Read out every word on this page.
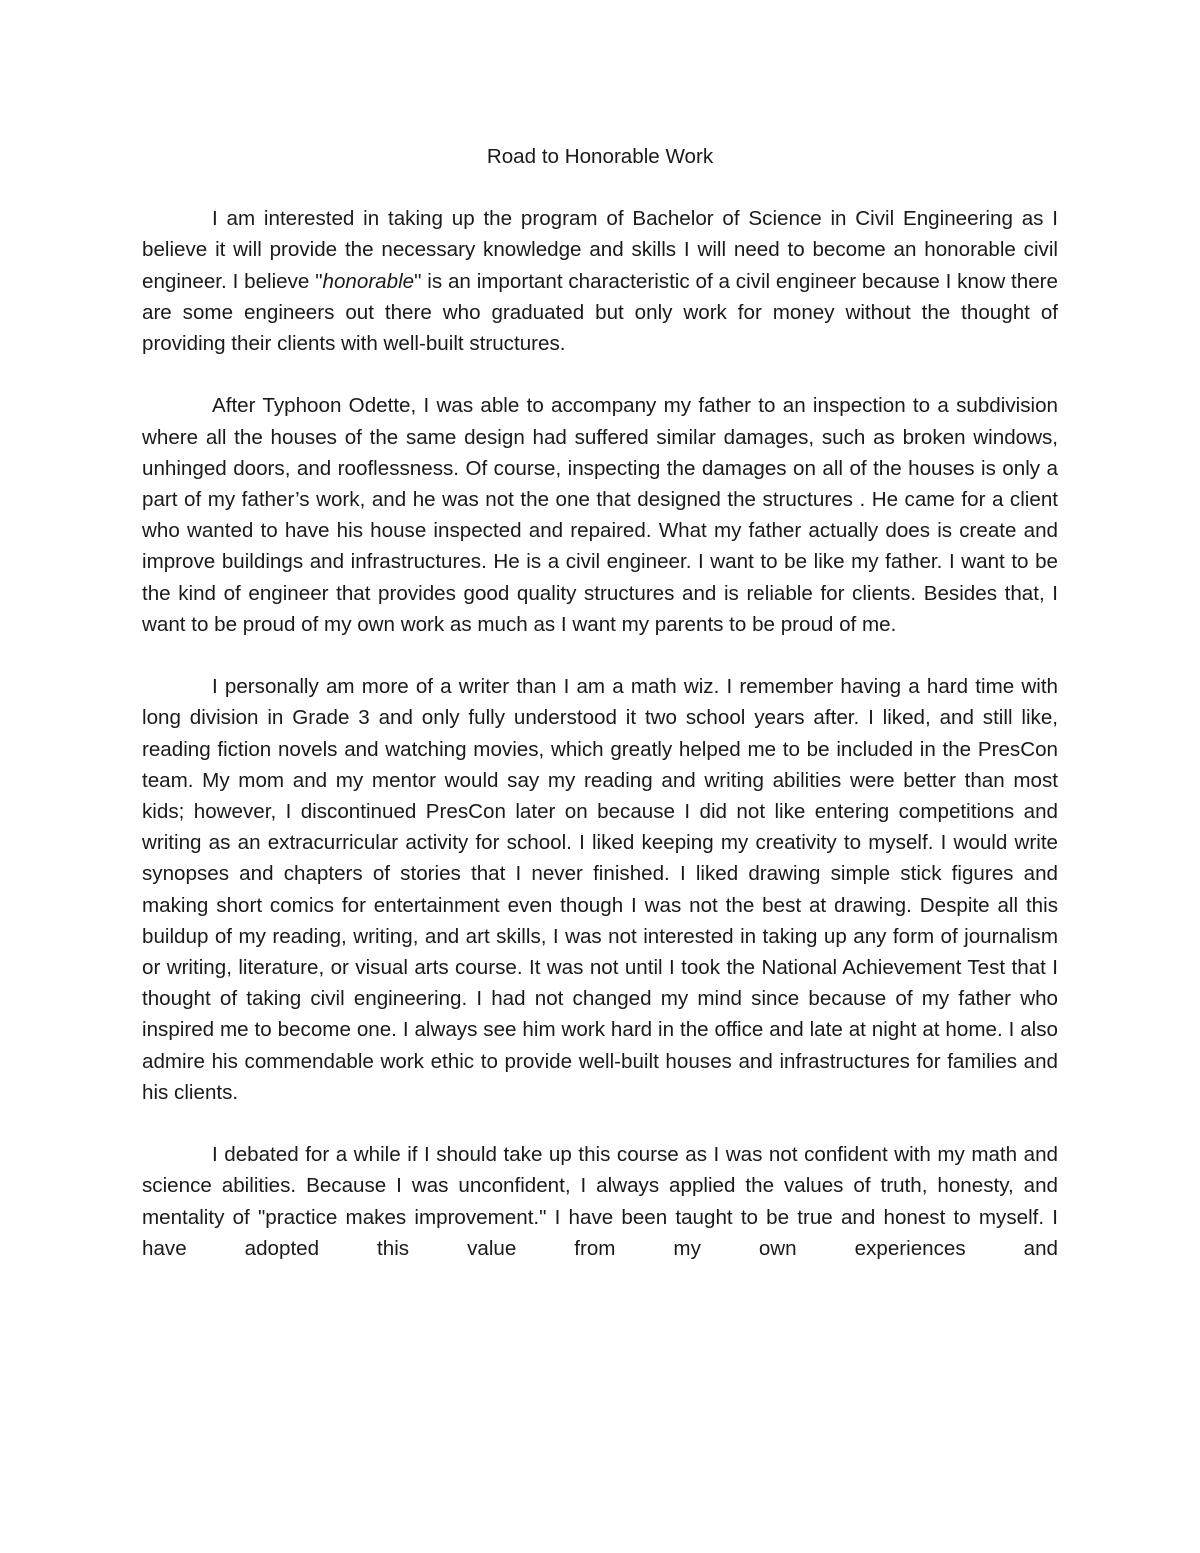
Road to Honorable Work

I am interested in taking up the program of Bachelor of Science in Civil Engineering as I believe it will provide the necessary knowledge and skills I will need to become an honorable civil engineer. I believe "honorable" is an important characteristic of a civil engineer because I know there are some engineers out there who graduated but only work for money without the thought of providing their clients with well-built structures.

After Typhoon Odette, I was able to accompany my father to an inspection to a subdivision where all the houses of the same design had suffered similar damages, such as broken windows, unhinged doors, and rooflessness. Of course, inspecting the damages on all of the houses is only a part of my father’s work, and he was not the one that designed the structures . He came for a client who wanted to have his house inspected and repaired. What my father actually does is create and improve buildings and infrastructures. He is a civil engineer. I want to be like my father. I want to be the kind of engineer that provides good quality structures and is reliable for clients. Besides that, I want to be proud of my own work as much as I want my parents to be proud of me.

I personally am more of a writer than I am a math wiz. I remember having a hard time with long division in Grade 3 and only fully understood it two school years after. I liked, and still like, reading fiction novels and watching movies, which greatly helped me to be included in the PresCon team. My mom and my mentor would say my reading and writing abilities were better than most kids; however, I discontinued PresCon later on because I did not like entering competitions and writing as an extracurricular activity for school. I liked keeping my creativity to myself. I would write synopses and chapters of stories that I never finished. I liked drawing simple stick figures and making short comics for entertainment even though I was not the best at drawing. Despite all this buildup of my reading, writing, and art skills, I was not interested in taking up any form of journalism or writing, literature, or visual arts course. It was not until I took the National Achievement Test that I thought of taking civil engineering. I had not changed my mind since because of my father who inspired me to become one. I always see him work hard in the office and late at night at home. I also admire his commendable work ethic to provide well-built houses and infrastructures for families and his clients.

I debated for a while if I should take up this course as I was not confident with my math and science abilities. Because I was unconfident, I always applied the values of truth, honesty, and mentality of "practice makes improvement." I have been taught to be true and honest to myself. I have adopted this value from my own experiences and
